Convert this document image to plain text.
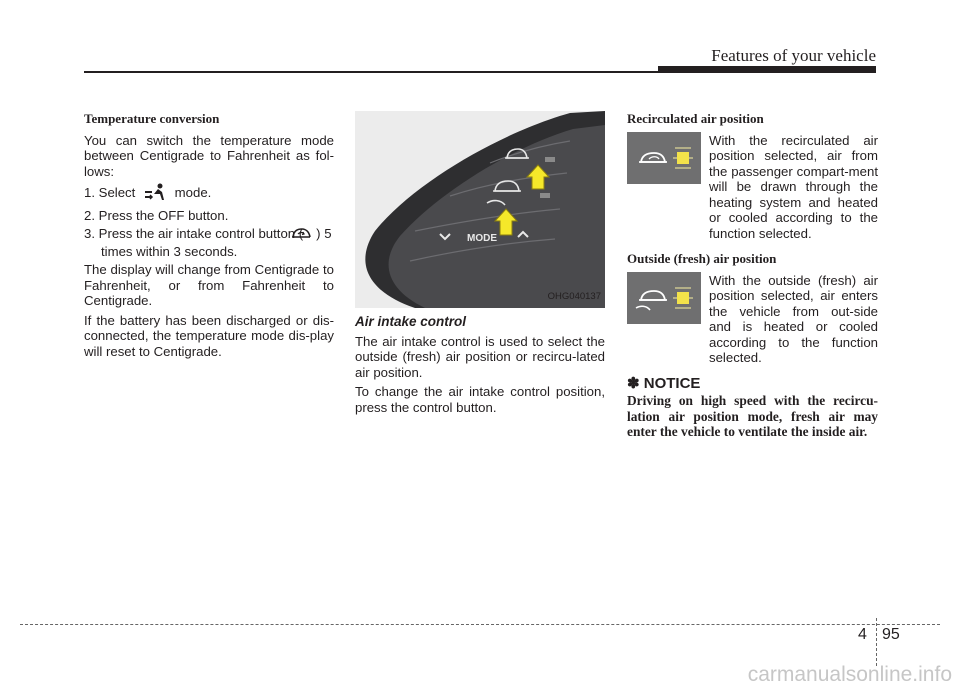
Features of your vehicle
Temperature conversion

You can switch the temperature mode between Centigrade to Fahrenheit as fol-lows:

1. Select	mode.
2. Press the OFF button.
3. Press the air intake control button ( ) 5 times within 3 seconds.

The display will change from Centigrade to Fahrenheit, or from Fahrenheit to Centigrade.

If the battery has been discharged or dis-connected, the temperature mode dis-play will reset to Centigrade.

MODE
OHG040137
Air intake control

The air intake control is used to select the outside (fresh) air position or recircu-lated air position.

To change the air intake control position, press the control button.

Recirculated air position
With the recirculated air position selected, air from the passenger compart-ment will be drawn through the heating system and heated or cooled according to the function selected.
Outside (fresh) air position
With the outside (fresh) air position selected, air enters the vehicle from out-side and is heated or cooled according to the function selected.
✽ NOTICE
Driving on high speed with the recircu-lation air position mode, fresh air may enter the vehicle to ventilate the inside air.
4 95
carmanualsonline.info
